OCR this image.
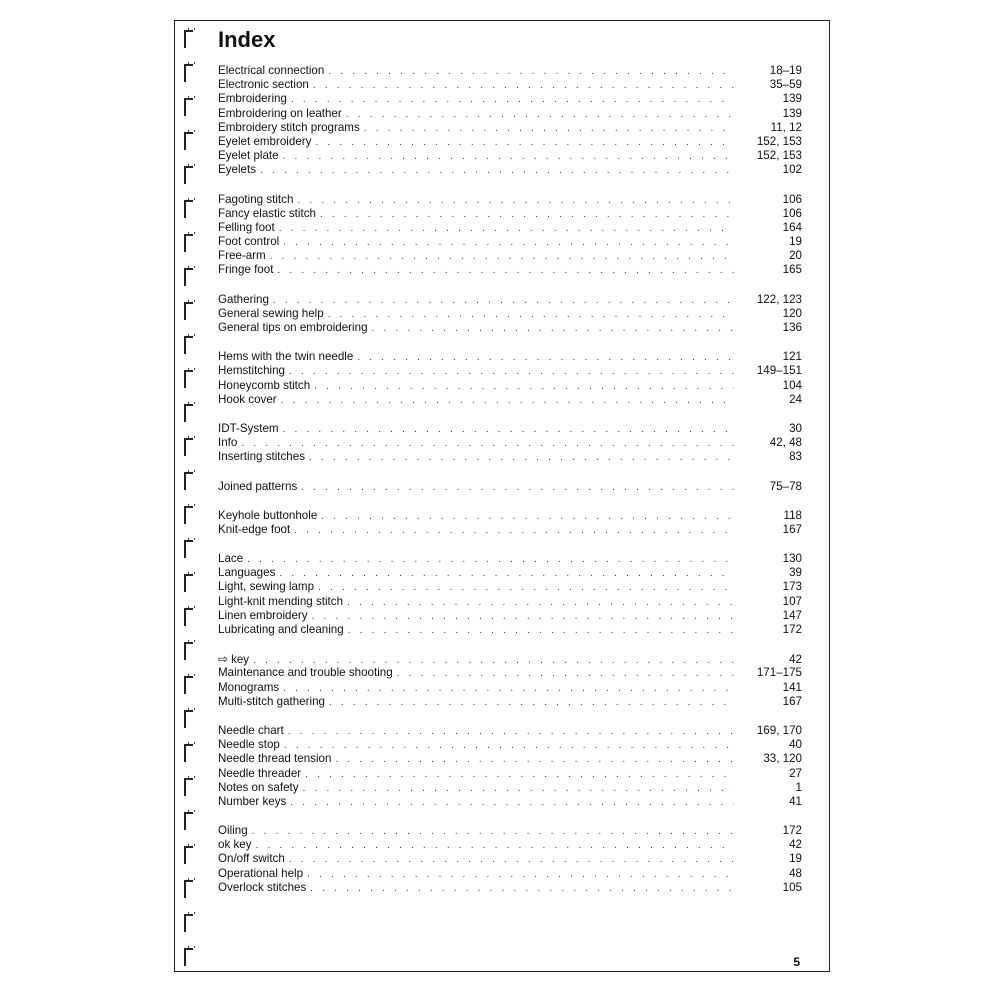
Index
Electrical connection . . .	18–19
Electronic section . . .	35–59
Embroidering . . .	139
Embroidering on leather . . .	139
Embroidery stitch programs . . .	11, 12
Eyelet embroidery . . .	152, 153
Eyelet plate . . .	152, 153
Eyelets . . .	102
Fagoting stitch . . .	106
Fancy elastic stitch . . .	106
Felling foot . . .	164
Foot control . . .	19
Free-arm . . .	20
Fringe foot . . .	165
Gathering . . .	122, 123
General sewing help . . .	120
General tips on embroidering . . .	136
Hems with the twin needle . . .	121
Hemstitching . . .	149–151
Honeycomb stitch . . .	104
Hook cover . . .	24
IDT-System . . .	30
Info . . .	42, 48
Inserting stitches . . .	83
Joined patterns . . .	75–78
Keyhole buttonhole . . .	118
Knit-edge foot . . .	167
Lace . . .	130
Languages . . .	39
Light, sewing lamp . . .	173
Light-knit mending stitch . . .	107
Linen embroidery . . .	147
Lubricating and cleaning . . .	172
⇨ key . . .	42
Maintenance and trouble shooting . . .	171–175
Monograms . . .	141
Multi-stitch gathering . . .	167
Needle chart . . .	169, 170
Needle stop . . .	40
Needle thread tension . . .	33, 120
Needle threader . . .	27
Notes on safety . . .	1
Number keys . . .	41
Oiling . . .	172
ok key . . .	42
On/off switch . . .	19
Operational help . . .	48
Overlock stitches . . .	105
5
